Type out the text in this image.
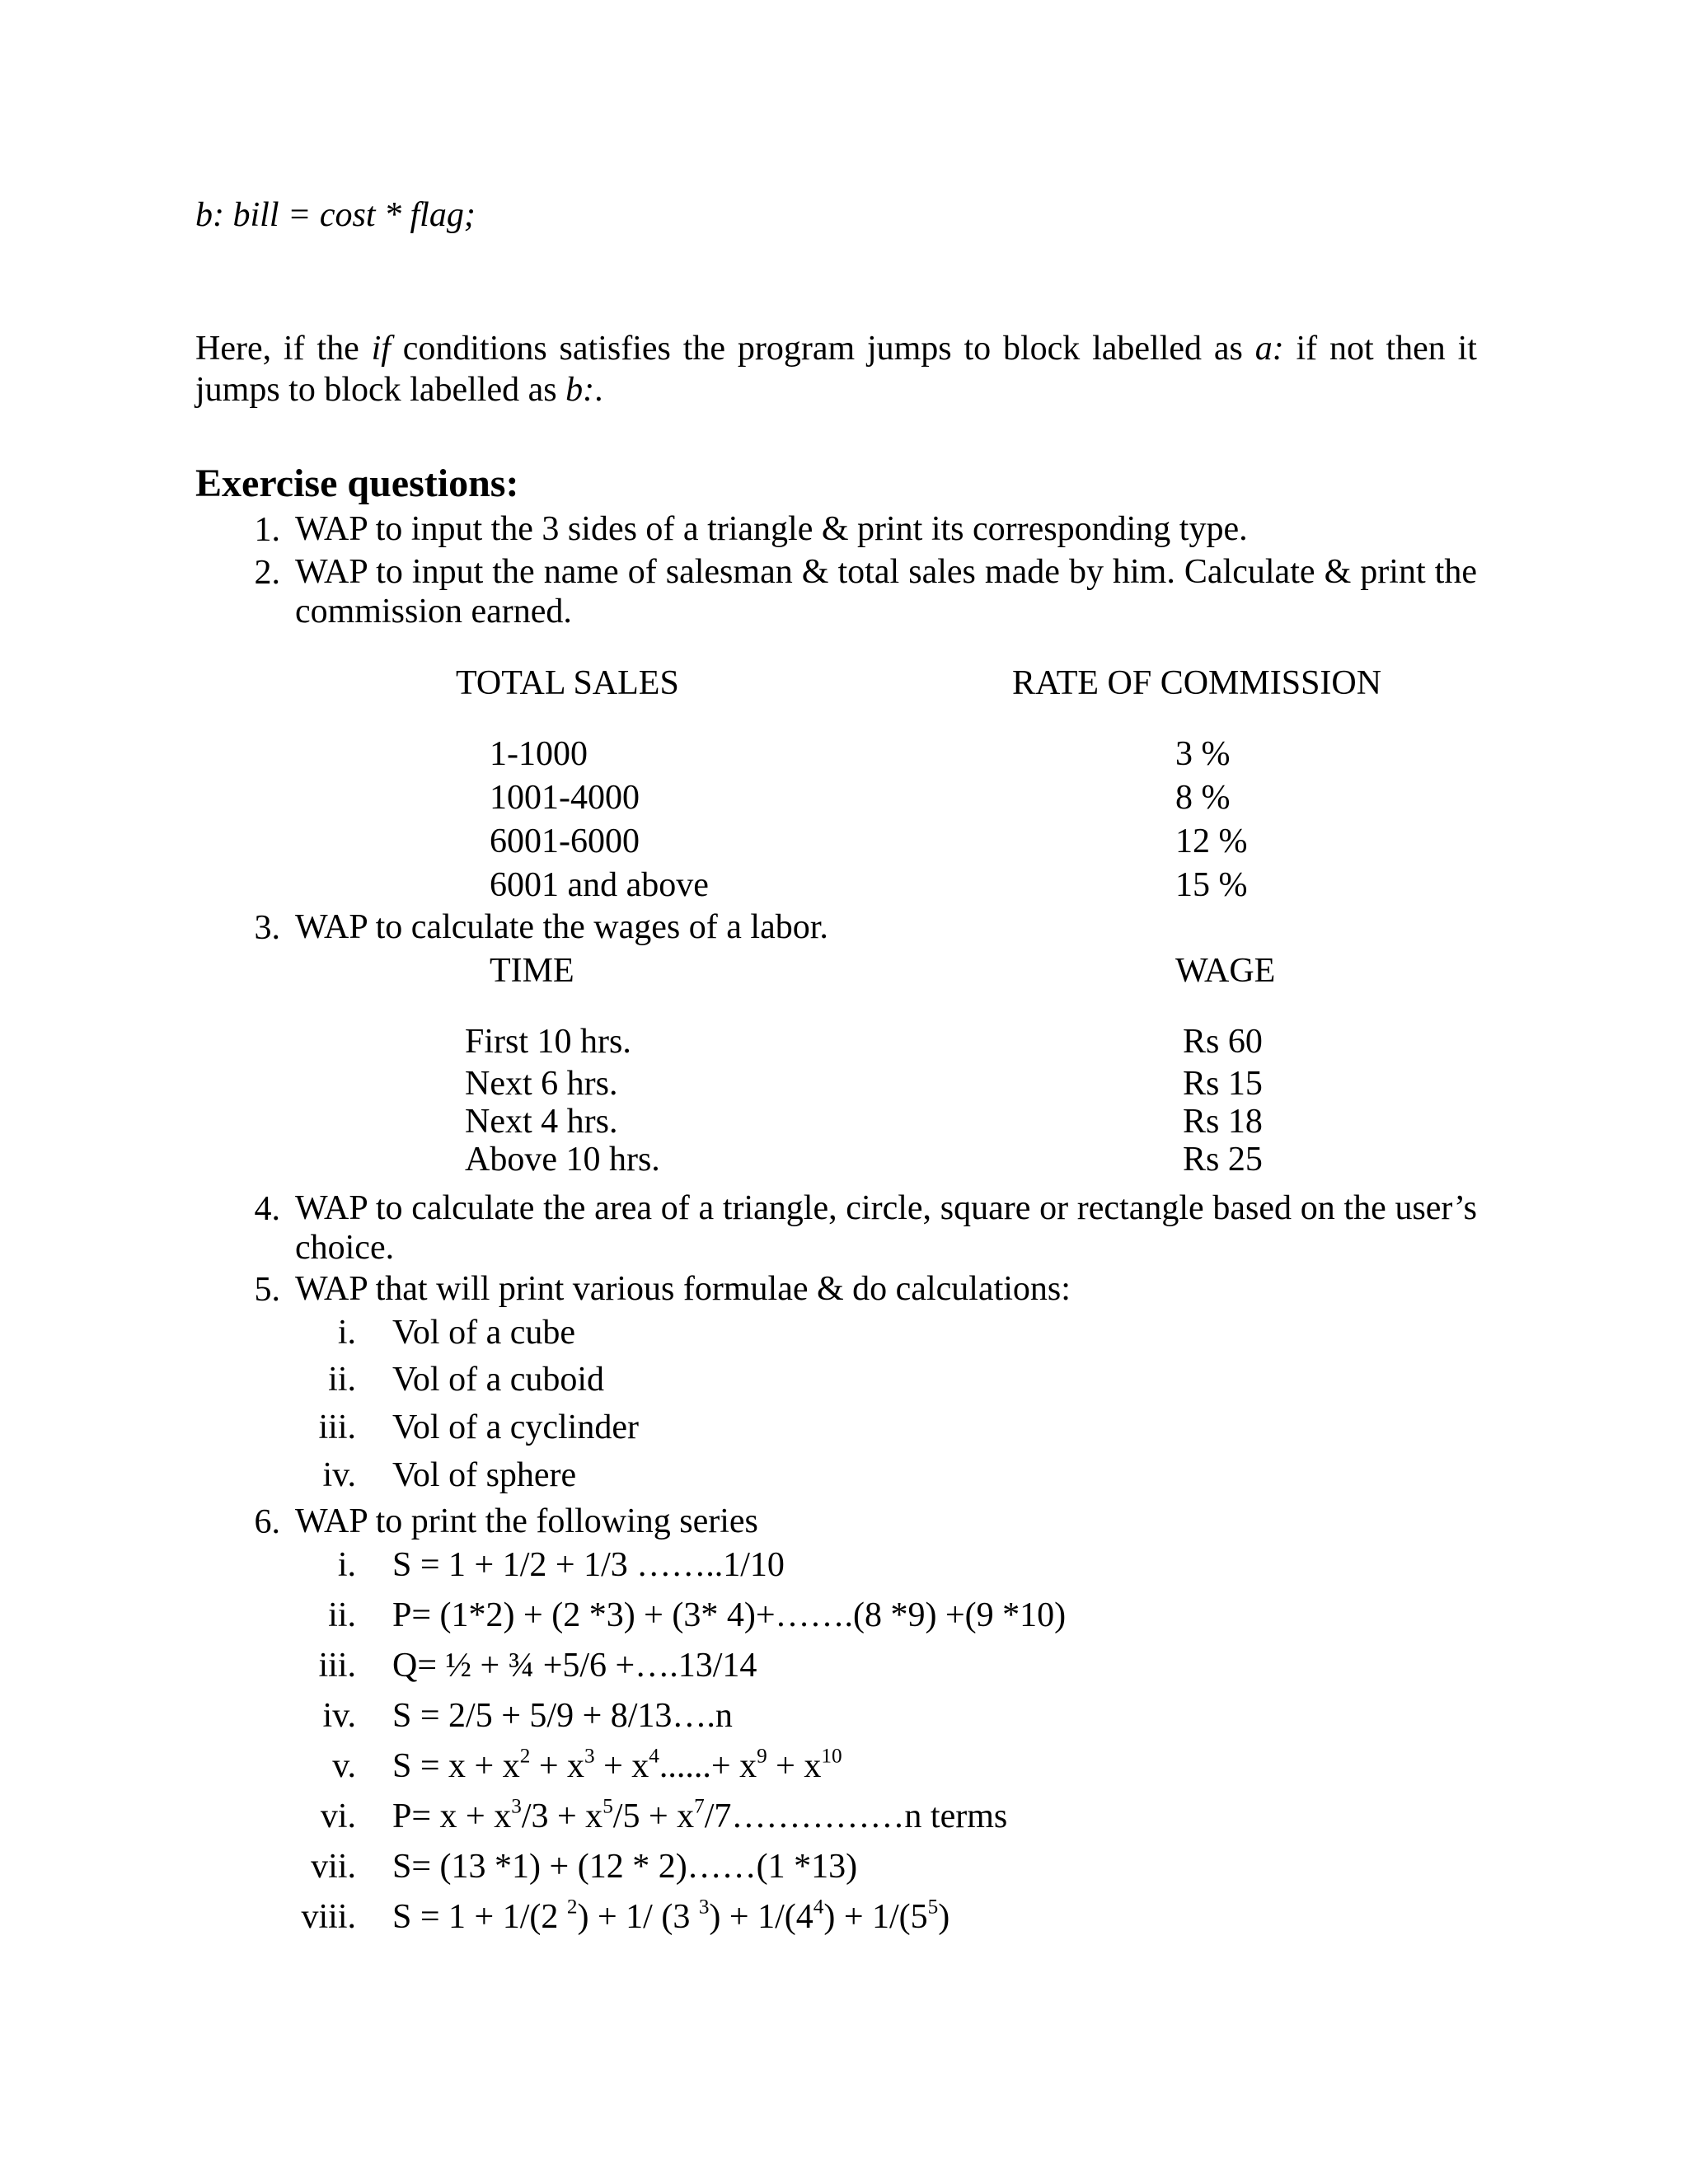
b: bill = cost * flag;
Here, if the if conditions satisfies the program jumps to block labelled as a: if not then it jumps to block labelled as b:.
Exercise questions:
1. WAP to input the 3 sides of a triangle & print its corresponding type.
2. WAP to input the name of salesman & total sales made by him. Calculate & print the commission earned.
TOTAL SALES	RATE OF COMMISSION
1-1000	3 %
1001-4000	8 %
6001-6000	12 %
6001 and above	15 %
3. WAP to calculate the wages of a labor.
TIME	WAGE
First 10 hrs.	Rs 60
Next 6 hrs.	Rs 15
Next 4 hrs.	Rs 18
Above 10 hrs.	Rs 25
4. WAP to calculate the area of a triangle, circle, square or rectangle based on the user’s choice.
5. WAP that will print various formulae & do calculations:
i. Vol of a cube
ii. Vol of a cuboid
iii. Vol of a cyclinder
iv. Vol of sphere
6. WAP to print the following series
i. S = 1 + 1/2 + 1/3 ……..1/10
ii. P= (1*2) + (2 *3) + (3* 4)+…….(8 *9) +(9 *10)
iii. Q= ½ + ¾ +5/6 +….13/14
iv. S = 2/5 + 5/9 + 8/13….n
v. $S = x + x^2 + x^3 + x^4......+ x^9 + x^{10}$
vi. $P= x + x^3/3 + x^5/5$ + $x^7/7\dots\dots\dots\dots\dots n$ terms
vii. S= (13 *1) + (12 * 2)……(1 *13)
viii. S = 1 + 1/(2 $^2$) + 1/ (3 $^3) + 1/(4^4) + 1/(5^5)$
